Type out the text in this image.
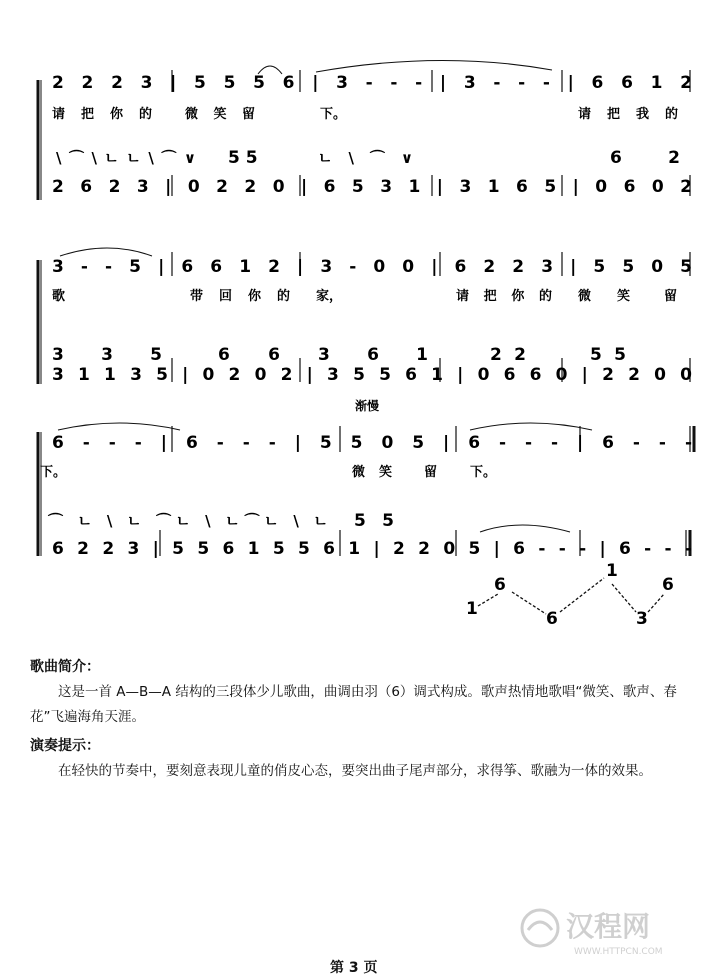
2 2 2 3 | 5 5 5 6 | 3 - - - | 3 - - - | 6 6 1 2
请把你的	微笑留	下。	请把我的
\ ⌒ \ ㄴ ㄴ \ ⌒ ∨	ㄴ \ ⌒ ∨
5 5	6 2
2 6 2 3 | 0 2 2 0 | 6 5 3 1 | 3 1 6 5 | 0 6 0 2
3 - - 5 | 6 6 1 2 | 3 - 0 0 | 6 2 2 3 | 5 5 0 5
歌	带回你的 家，	请把你的 微笑	留
3 3 5	6 6 3 6 1	2 2	5 5
3 1 1 3 5 | 0 2 0 2 | 3 5 5 6 1 | 0 6 6 0 | 2 2 0 0
渐慢
6 - - - | 6 - - - | 5 5 0 5 | 6 - - - | 6 - - -
下。	微笑 留	下。
⌒ ㄴ \ ㄴ ⌒ㄴ \ ㄴ⌒ㄴ \ ㄴ 5 5
6 2 2 3 | 5 5 6 1 5 5 6 1 | 2 2 0 5 | 6 - - - | 6 - - -
1
6
6
1
3
6
歌曲简介：

这是一首 A—B—A 结构的三段体少儿歌曲，曲调由羽（6）调式构成。歌声热情地歌唱“微笑、歌声、春花”飞遍海角天涯。

演奏提示：

在轻快的节奏中，要刻意表现儿童的俏皮心态，要突出曲子尾声部分，求得筝、歌融为一体的效果。

汉程网
WWW.HTTPCN.COM
第 3 页
